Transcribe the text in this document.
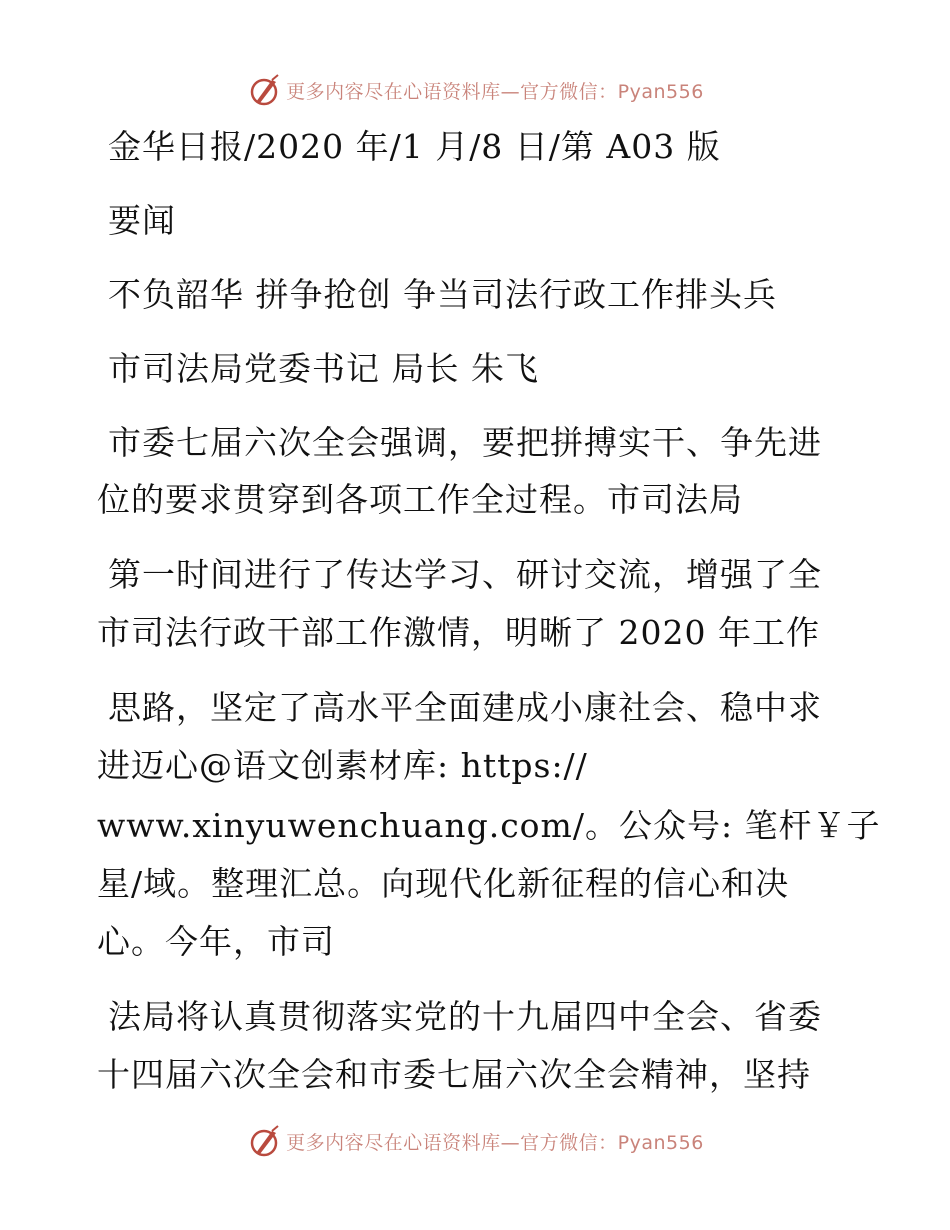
更多内容尽在心语资料库—官方微信：Pyan556
金华日报/2020 年/1 月/8 日/第 A03 版
要闻
不负韶华 拼争抢创 争当司法行政工作排头兵
市司法局党委书记 局长 朱飞
市委七届六次全会强调，要把拼搏实干、争先进
位的要求贯穿到各项工作全过程。市司法局
第一时间进行了传达学习、研讨交流，增强了全
市司法行政干部工作激情，明晰了 2020 年工作
思路，坚定了高水平全面建成小康社会、稳中求
进迈心@语文创素材库: https://
www.xinyuwenchuang.com/。公众号: 笔杆￥子
星/域。整理汇总。向现代化新征程的信心和决
心。今年，市司
法局将认真贯彻落实党的十九届四中全会、省委
十四届六次全会和市委七届六次全会精神，坚持
更多内容尽在心语资料库—官方微信：Pyan556
